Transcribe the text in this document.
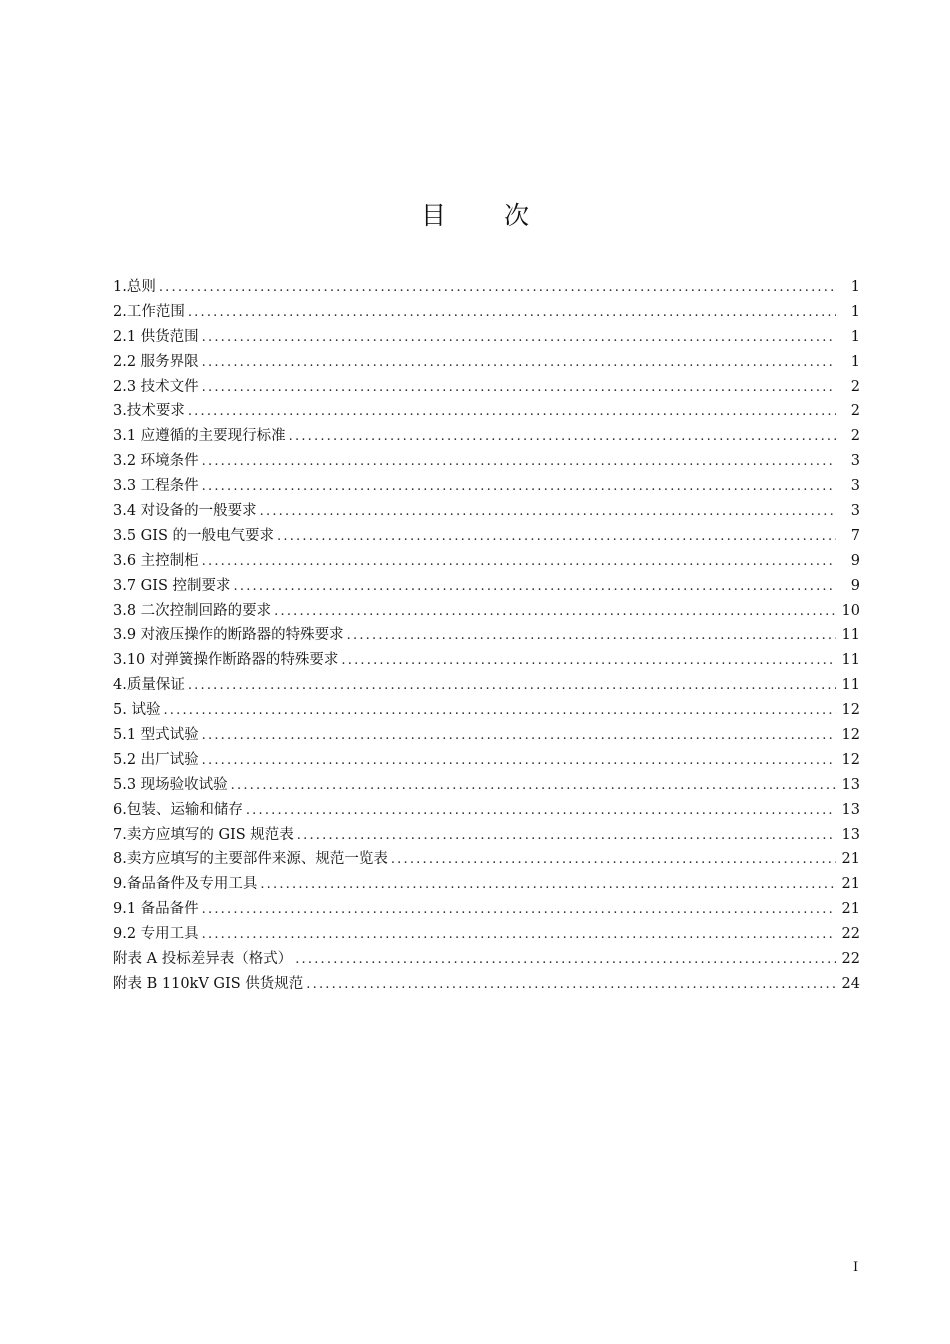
目 次
1.总则 .....	1
2.工作范围 .....	1
2.1 供货范围 .....	1
2.2 服务界限 .....	1
2.3 技术文件 .....	2
3.技术要求 .....	2
3.1 应遵循的主要现行标准 .....	2
3.2 环境条件 .....	3
3.3 工程条件 .....	3
3.4 对设备的一般要求 .....	3
3.5 GIS 的一般电气要求 .....	7
3.6 主控制柜 .....	9
3.7 GIS 控制要求 .....	9
3.8 二次控制回路的要求 .....	10
3.9 对液压操作的断路器的特殊要求 .....	11
3.10 对弹簧操作断路器的特殊要求 .....	11
4.质量保证 .....	11
5. 试验 .....	12
5.1 型式试验 .....	12
5.2 出厂试验 .....	12
5.3 现场验收试验 .....	13
6.包装、运输和储存 .....	13
7.卖方应填写的 GIS 规范表 .....	13
8.卖方应填写的主要部件来源、规范一览表 .....	21
9.备品备件及专用工具 .....	21
9.1 备品备件 .....	21
9.2 专用工具 .....	22
附表 A 投标差异表（格式） .....	22
附表 B 110kV GIS 供货规范 .....	24
I
